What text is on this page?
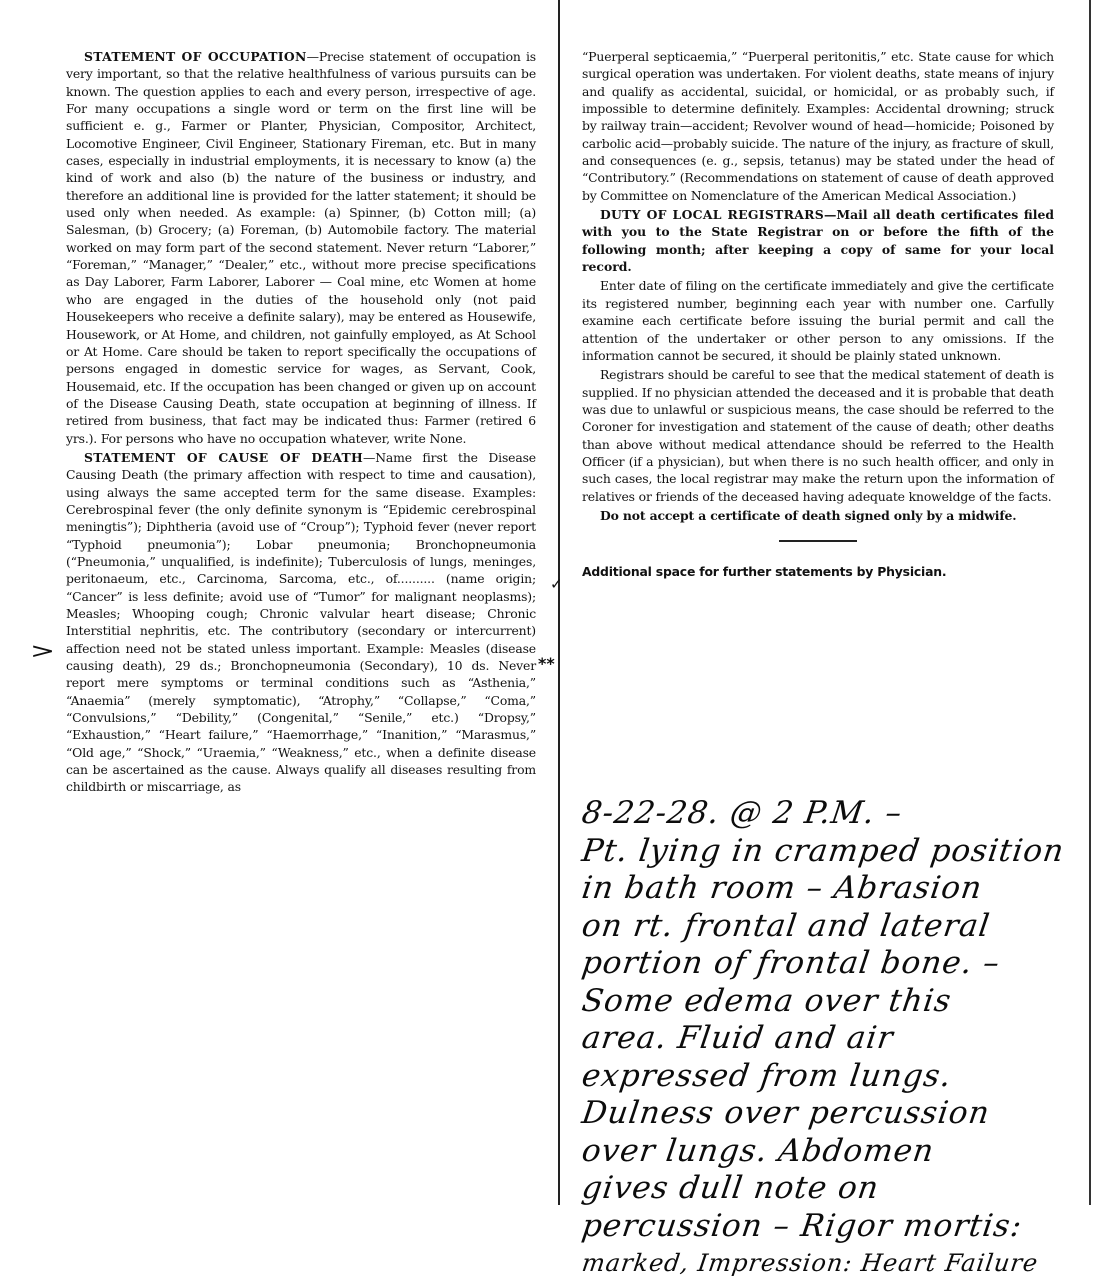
>	**
✓

STATEMENT OF OCCUPATION—Precise statement of occupation is very important, so that the relative healthfulness of various pursuits can be known. The question applies to each and every person, irrespective of age. For many occupations a single word or term on the first line will be sufficient e. g., Farmer or Planter, Physician, Compositor, Architect, Locomotive Engineer, Civil Engineer, Stationary Fireman, etc. But in many cases, especially in industrial employments, it is necessary to know (a) the kind of work and also (b) the nature of the business or industry, and therefore an additional line is provided for the latter statement; it should be used only when needed. As example: (a) Spinner, (b) Cotton mill; (a) Salesman, (b) Grocery; (a) Foreman, (b) Automobile factory. The material worked on may form part of the second statement. Never return “Laborer,” “Foreman,” “Manager,” “Dealer,” etc., without more precise specifications as Day Laborer, Farm Laborer, Laborer — Coal mine, etc Women at home who are engaged in the duties of the household only (not paid Housekeepers who receive a definite salary), may be entered as Housewife, Housework, or At Home, and children, not gainfully employed, as At School or At Home. Care should be taken to report specifically the occupations of persons engaged in domestic service for wages, as Servant, Cook, Housemaid, etc. If the occupation has been changed or given up on account of the Disease Causing Death, state occupation at beginning of illness. If retired from business, that fact may be indicated thus: Farmer (retired 6 yrs.). For persons who have no occupation whatever, write None.

STATEMENT OF CAUSE OF DEATH—Name first the Disease Causing Death (the primary affection with respect to time and causation), using always the same accepted term for the same disease. Examples: Cerebrospinal fever (the only definite synonym is “Epidemic cerebrospinal meningtis”); Diphtheria (avoid use of “Croup”); Typhoid fever (never report “Typhoid pneumonia”); Lobar pneumonia; Bronchopneumonia (“Pneumonia,” unqualified, is indefinite); Tuberculosis of lungs, meninges, peritonaeum, etc., Carcinoma, Sarcoma, etc., of.......... (name origin; “Cancer” is less definite; avoid use of “Tumor” for malignant neoplasms); Measles; Whooping cough; Chronic valvular heart disease; Chronic Interstitial nephritis, etc. The contributory (secondary or intercurrent) affection need not be stated unless important. Example: Measles (disease causing death), 29 ds.; Bronchopneumonia (Secondary), 10 ds. Never report mere symptoms or terminal conditions such as “Asthenia,” “Anaemia” (merely symptomatic), “Atrophy,” “Collapse,” “Coma,” “Convulsions,” “Debility,” (Congenital,” “Senile,” etc.) “Dropsy,” “Exhaustion,” “Heart failure,” “Haemorrhage,” “Inanition,” “Marasmus,” “Old age,” “Shock,” “Uraemia,” “Weakness,” etc., when a definite disease can be ascertained as the cause. Always qualify all diseases resulting from childbirth or miscarriage, as

“Puerperal septicaemia,” “Puerperal peritonitis,” etc. State cause for which surgical operation was undertaken. For violent deaths, state means of injury and qualify as accidental, suicidal, or homicidal, or as probably such, if impossible to determine definitely. Examples: Accidental drowning; struck by railway train—accident; Revolver wound of head—homicide; Poisoned by carbolic acid—probably suicide. The nature of the injury, as fracture of skull, and consequences (e. g., sepsis, tetanus) may be stated under the head of “Contributory.” (Recommendations on statement of cause of death approved by Committee on Nomenclature of the American Medical Association.)

DUTY OF LOCAL REGISTRARS—Mail all death certificates filed with you to the State Registrar on or before the fifth of the following month; after keeping a copy of same for your local record.

Enter date of filing on the certificate immediately and give the certificate its registered number, beginning each year with number one. Carfully examine each certificate before issuing the burial permit and call the attention of the undertaker or other person to any omissions. If the information cannot be secured, it should be plainly stated unknown.

Registrars should be careful to see that the medical statement of death is supplied. If no physician attended the deceased and it is probable that death was due to unlawful or suspicious means, the case should be referred to the Coroner for investigation and statement of the cause of death; other deaths than above without medical attendance should be referred to the Health Officer (if a physician), but when there is no such health officer, and only in such cases, the local registrar may make the return upon the information of relatives or friends of the deceased having adequate knoweldge of the facts.

Do not accept a certificate of death signed only by a midwife.

Additional space for further statements by Physician.

8-22-28. @ 2 P.M. –
Pt. lying in cramped position
in bath room – Abrasion
on rt. frontal and lateral
portion of frontal bone. –
Some edema over this
area. Fluid and air
expressed from lungs.
Dulness over percussion
over lungs. Abdomen
gives dull note on
percussion – Rigor mortis:
marked, Impression: Heart Failure
